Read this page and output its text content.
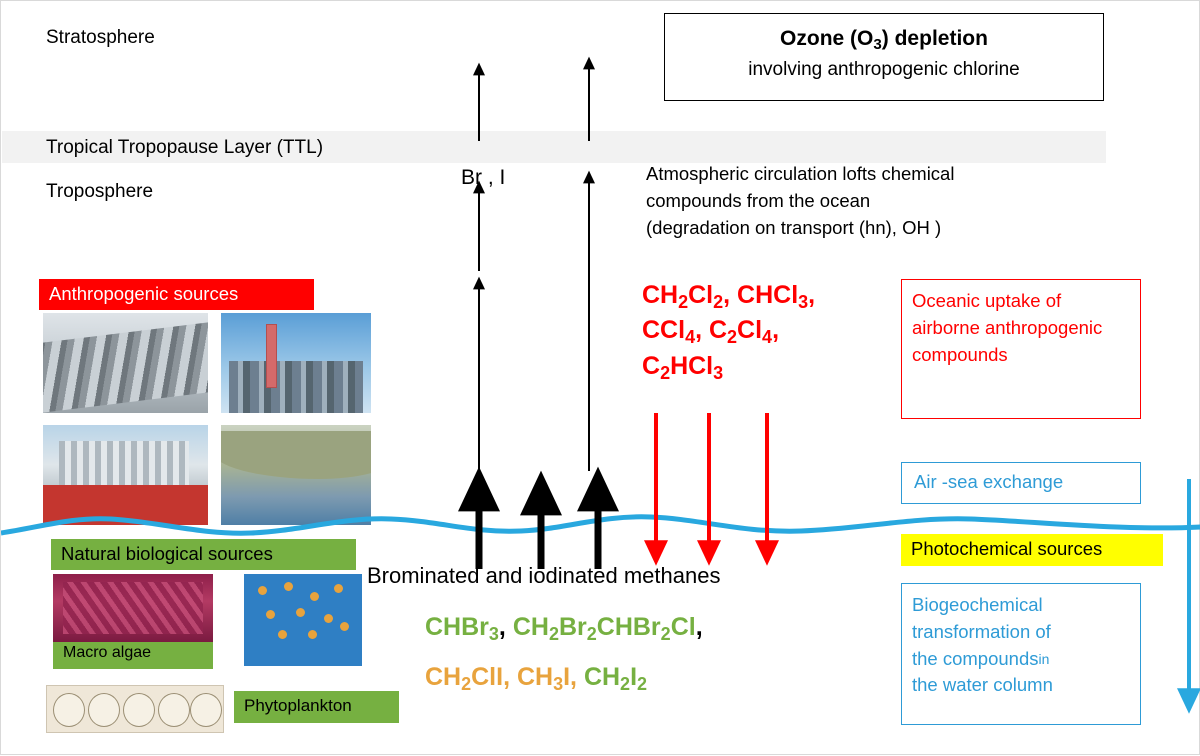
Stratosphere
Tropical Tropopause Layer (TTL)
Troposphere
Ozone $(O_3)$ depletion
involving anthropogenic chlorine
Atmospheric circulation lofts chemical
compounds from the ocean
(degradation on transport (hn), OH )
Br , I
$CH_2Cl_2$, CHCl$_3$,
CCl$_4$, $C_2Cl_4$,
$C_2HCl_3$
Oceanic uptake of airborne anthropogenic compounds
Air -sea exchange
Photochemical sources
Biogeochemical
transformation of
the compoundsin
the water column
Anthropogenic sources
Natural biological sources
Macro algae
Phytoplankton
Brominated and iodinated methanes
CHBr$_3$, $CH_2Br_2CHBr_2Cl$,
$CH_2ClI$, $CH_3I$, $CH_2I_2$
